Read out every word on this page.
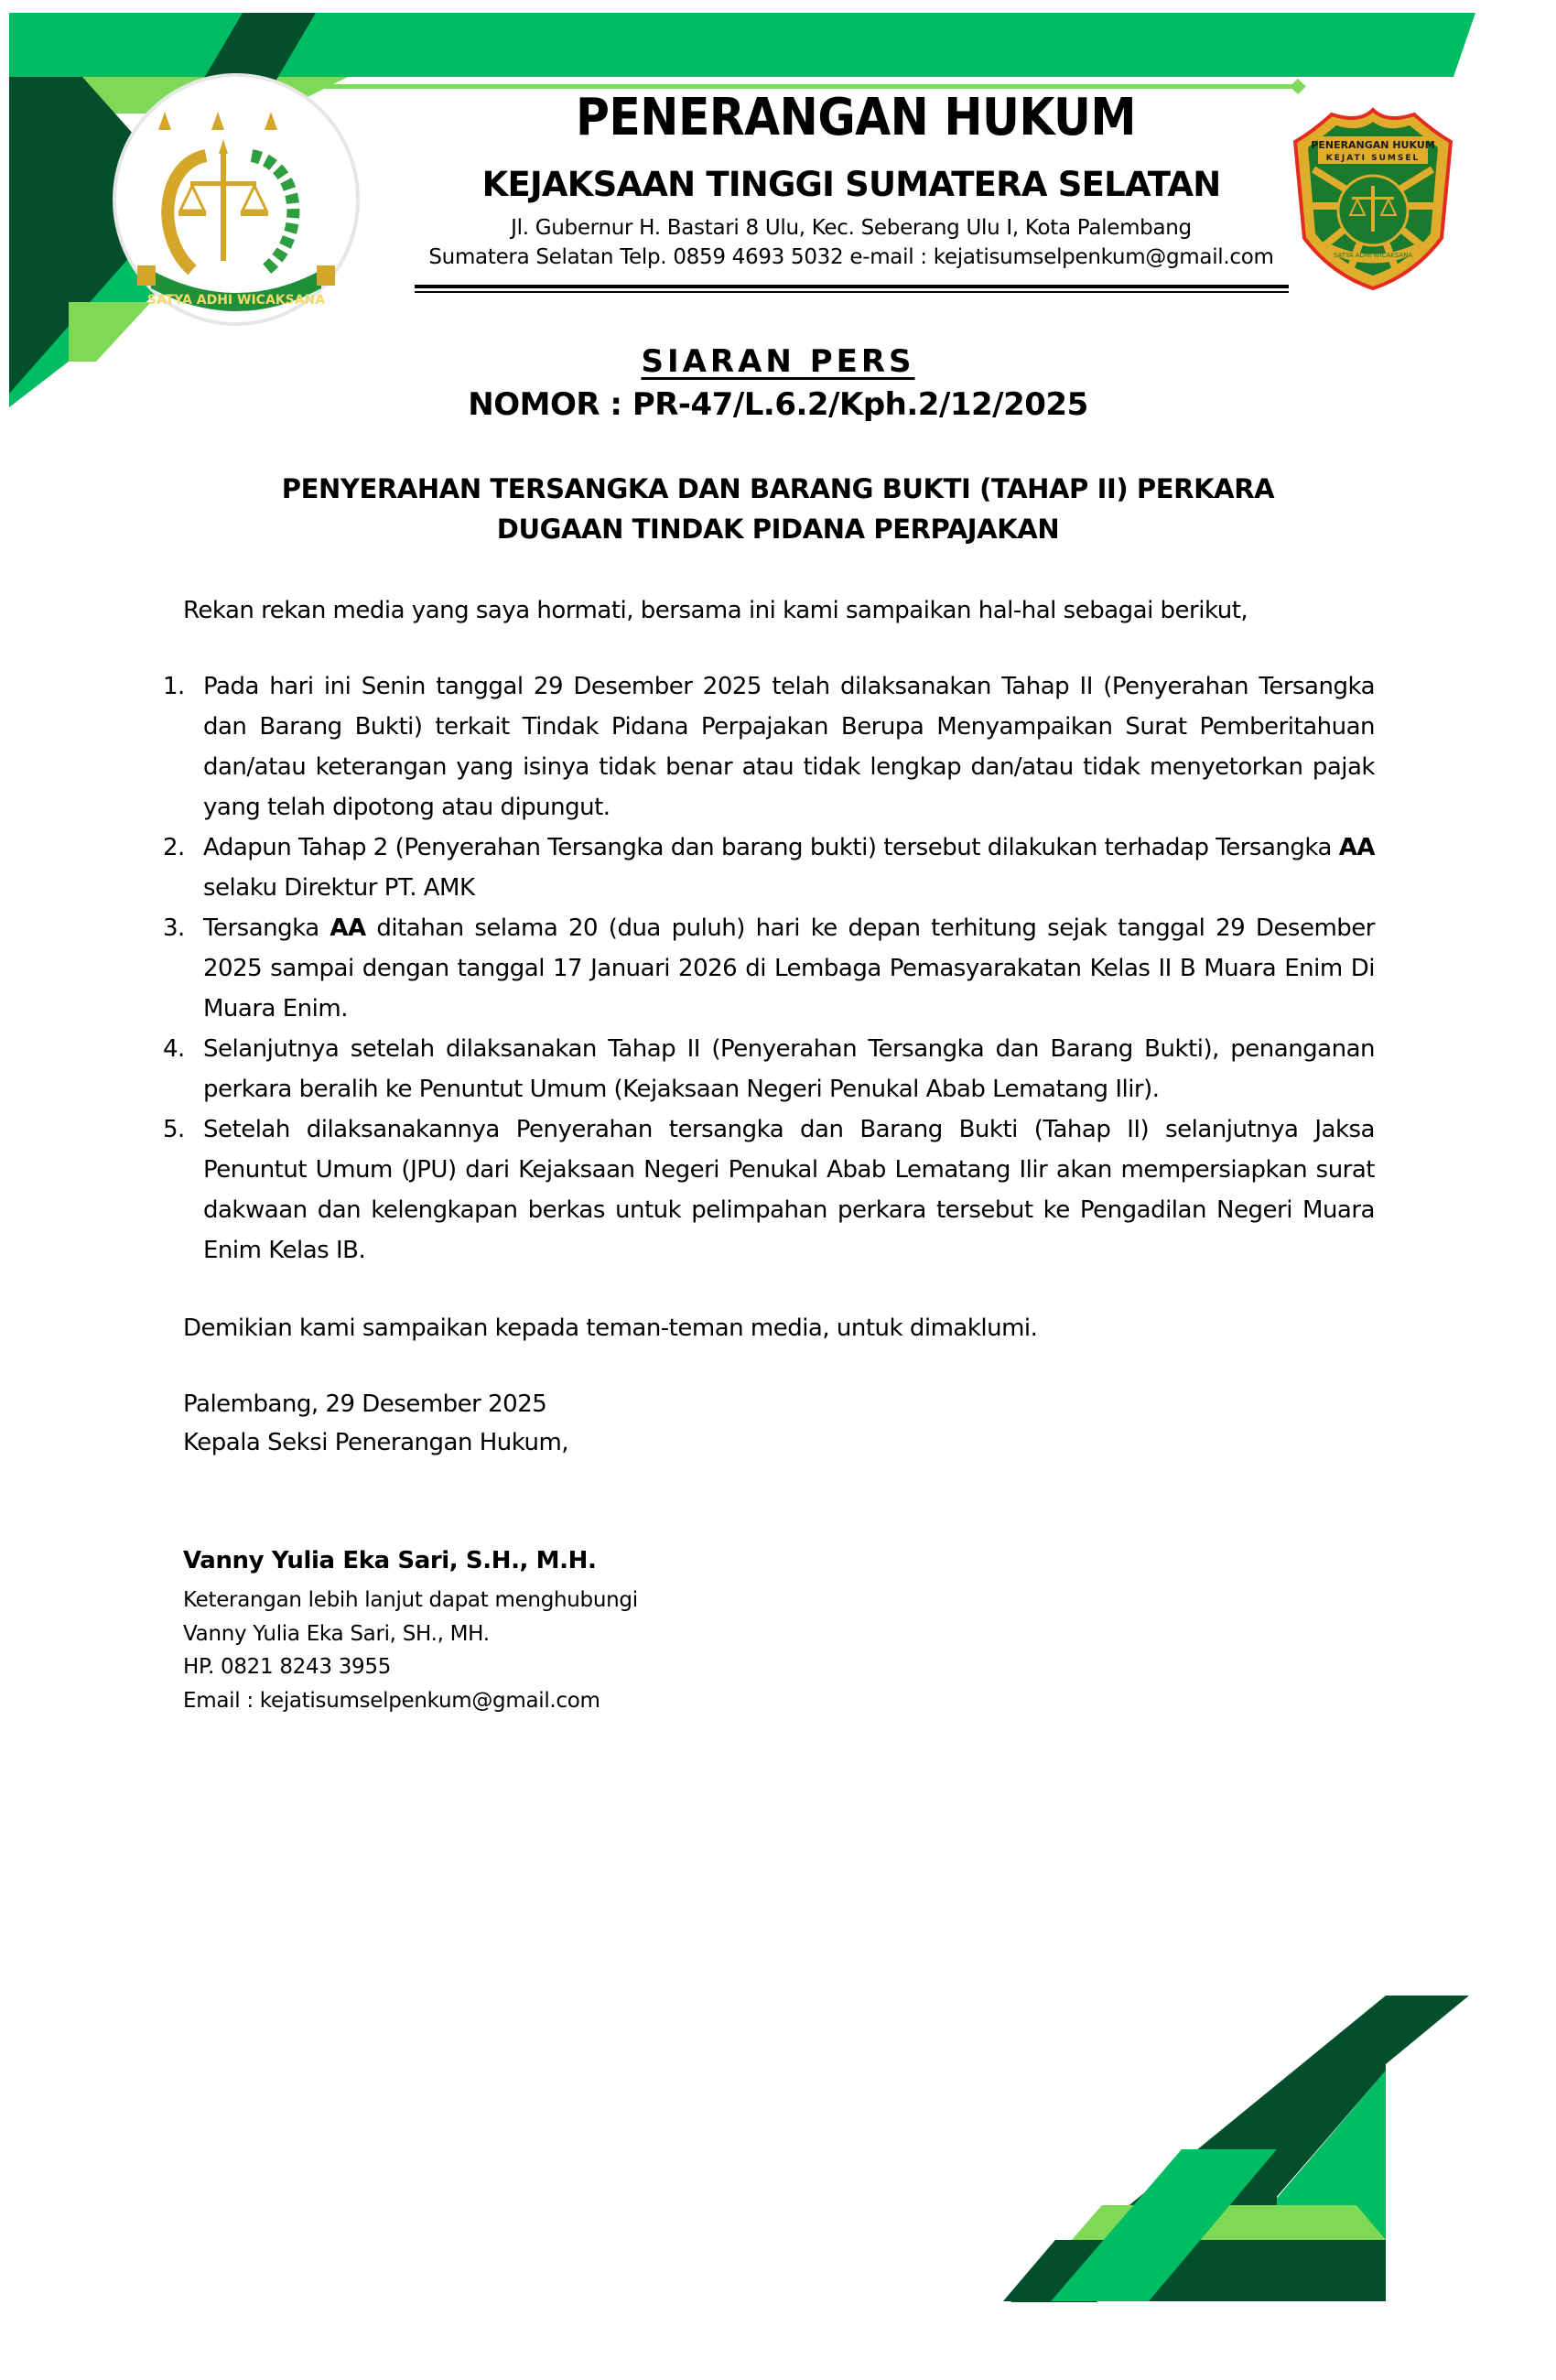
SATYA ADHI WICAKSANA
PENERANGAN HUKUM
KEJATI SUMSEL
SATYA ADHI WICAKSANA
PENERANGAN HUKUM
KEJAKSAAN TINGGI SUMATERA SELATAN
Jl. Gubernur H. Bastari 8 Ulu, Kec. Seberang Ulu I, Kota Palembang
Sumatera Selatan Telp. 0859 4693 5032 e-mail : kejatisumselpenkum@gmail.com
SIARAN PERS
NOMOR : PR-47/L.6.2/Kph.2/12/2025
PENYERAHAN TERSANGKA DAN BARANG BUKTI (TAHAP II) PERKARA
DUGAAN TINDAK PIDANA PERPAJAKAN
Rekan rekan media yang saya hormati, bersama ini kami sampaikan hal-hal sebagai berikut,
1. Pada hari ini Senin tanggal 29 Desember 2025 telah dilaksanakan Tahap II (Penyerahan Tersangka dan Barang Bukti) terkait Tindak Pidana Perpajakan Berupa Menyampaikan Surat Pemberitahuan dan/atau keterangan yang isinya tidak benar atau tidak lengkap dan/atau tidak menyetorkan pajak yang telah dipotong atau dipungut.
2. Adapun Tahap 2 (Penyerahan Tersangka dan barang bukti) tersebut dilakukan terhadap Tersangka AA selaku Direktur PT. AMK
3. Tersangka AA ditahan selama 20 (dua puluh) hari ke depan terhitung sejak tanggal 29 Desember 2025 sampai dengan tanggal 17 Januari 2026 di Lembaga Pemasyarakatan Kelas II B Muara Enim Di Muara Enim.
4. Selanjutnya setelah dilaksanakan Tahap II (Penyerahan Tersangka dan Barang Bukti), penanganan perkara beralih ke Penuntut Umum (Kejaksaan Negeri Penukal Abab Lematang Ilir).
5. Setelah dilaksanakannya Penyerahan tersangka dan Barang Bukti (Tahap II) selanjutnya Jaksa Penuntut Umum (JPU) dari Kejaksaan Negeri Penukal Abab Lematang Ilir akan mempersiapkan surat dakwaan dan kelengkapan berkas untuk pelimpahan perkara tersebut ke Pengadilan Negeri Muara Enim Kelas IB.
Demikian kami sampaikan kepada teman-teman media, untuk dimaklumi.
Palembang, 29 Desember 2025
Kepala Seksi Penerangan Hukum,
Vanny Yulia Eka Sari, S.H., M.H.
Keterangan lebih lanjut dapat menghubungi
Vanny Yulia Eka Sari, SH., MH.
HP. 0821 8243 3955
Email : kejatisumselpenkum@gmail.com
